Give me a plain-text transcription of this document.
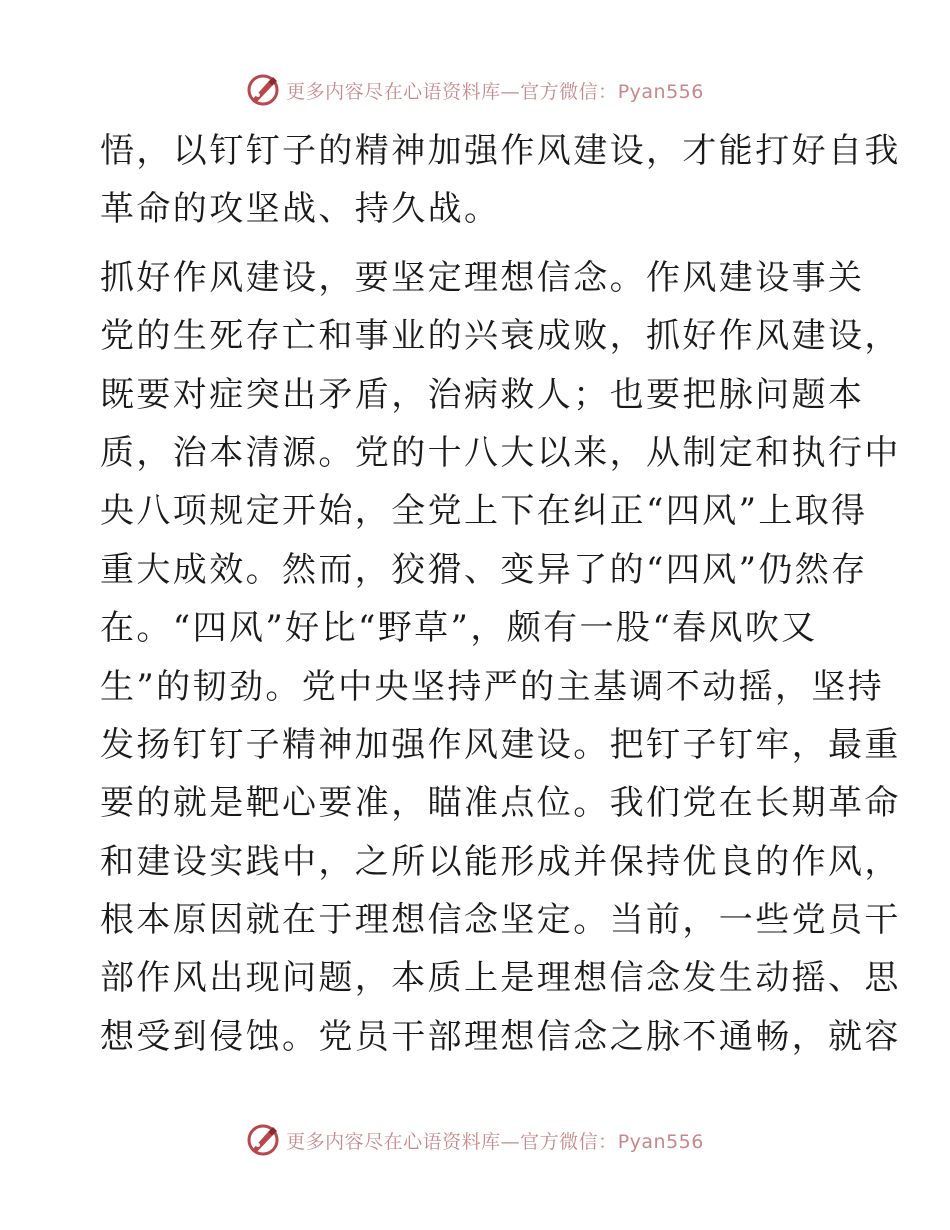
更多内容尽在心语资料库—官方微信：Pyan556
悟，以钉钉子的精神加强作风建设，才能打好自我
革命的攻坚战、持久战。
抓好作风建设，要坚定理想信念。作风建设事关
党的生死存亡和事业的兴衰成败，抓好作风建设，
既要对症突出矛盾，治病救人；也要把脉问题本
质，治本清源。党的十八大以来，从制定和执行中
央八项规定开始，全党上下在纠正“四风”上取得
重大成效。然而，狡猾、变异了的“四风”仍然存
在。“四风”好比“野草”，颇有一股“春风吹又
生”的韧劲。党中央坚持严的主基调不动摇，坚持
发扬钉钉子精神加强作风建设。把钉子钉牢，最重
要的就是靶心要准，瞄准点位。我们党在长期革命
和建设实践中，之所以能形成并保持优良的作风，
根本原因就在于理想信念坚定。当前，一些党员干
部作风出现问题，本质上是理想信念发生动摇、思
想受到侵蚀。党员干部理想信念之脉不通畅，就容
更多内容尽在心语资料库—官方微信：Pyan556
